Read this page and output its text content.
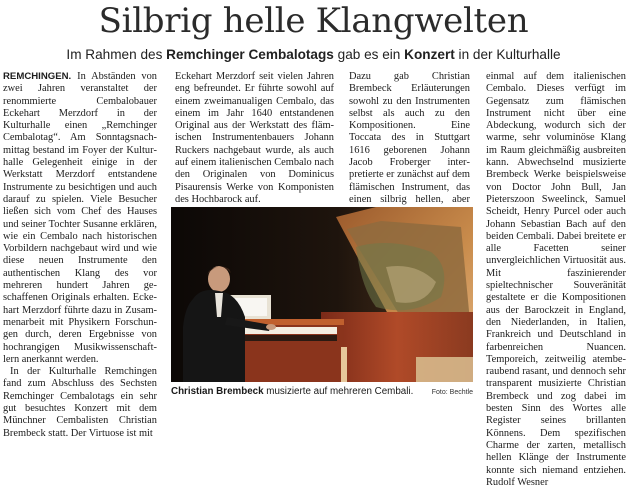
Silbrig helle Klangwelten
Im Rahmen des Remchinger Cembalotags gab es ein Konzert in der Kulturhalle

REMCHINGEN. In Abständen von zwei Jahren veranstaltet der renommierte Cembalobauer Eckehart Merzdorf in der Kulturhalle einen „Remchinger Cembalotag“. Am Sonntagsnachmittag bestand im Foyer der Kulturhalle Gelegenheit einige in der Werkstatt Merzdorf entstandene Instrumente zu besichtigen und auch darauf zu spielen. Viele Besucher ließen sich vom Chef des Hauses und seiner Tochter Susanne erklären, wie ein Cembalo nach historischen Vorbildern nachgebaut wird und wie diese neuen Instrumente den authentischen Klang des vor mehreren hundert Jahren geschaffenen Originals erhalten. Eckehart Merzdorf führte dazu in Zusammenarbeit mit Physikern Forschungen durch, deren Ergebnisse von hochrangigen Musikwissenschaftlern anerkannt werden.

In der Kulturhalle Remchingen fand zum Abschluss des Sechsten Remchinger Cembalotags ein sehr gut besuchtes Konzert mit dem Münchner Cembalisten Christian Brembeck statt. Der Virtuose ist mit

Eckehart Merzdorf seit vielen Jahren eng befreundet. Er führte sowohl auf einem zweimanualigen Cembalo, das einem im Jahr 1640 entstandenen Original aus der Werkstatt des flämischen Instrumentenbauers Johann Ruckers nachgebaut wurde, als auch auf einem italienischen Cembalo nach den Originalen von Dominicus Pisaurensis Werke von Komponisten des Hochbarock auf.

Dazu gab Christian Brembeck Erläuterungen sowohl zu den Instrumenten selbst als auch zu den Kompositionen. Eine Toccata des in Stuttgart 1616 geborenen Johann Jacob Froberger interpretierte er zunächst auf dem flämischen Instrument, das einen silbrig hellen, aber

einmal auf dem italienischen Cembalo. Dieses verfügt im Gegensatz zum flämischen Instrument nicht über eine Abdeckung, wodurch sich der warme, sehr voluminöse Klang im Raum gleichmäßig ausbreiten kann. Abwechselnd musizierte Brembeck Werke beispielsweise von Doctor John Bull, Jan Pieterszoon Sweelinck, Samuel Scheidt, Henry Purcel oder auch Johann Sebastian Bach auf den beiden Cembali. Dabei breitete er alle Facetten seiner unvergleichlichen Virtuosität aus. Mit faszinierender spieltechnischer Souveränität gestaltete er die Kompositionen aus der Barockzeit in England, den Niederlanden, in Italien, Frankreich und Deutschland in farbenreichen Nuancen. Temporeich, zeitweilig atemberaubend rasant, und dennoch sehr transparent musizierte Christian Brembeck und zog dabei im besten Sinn des Wortes alle Register seines brillanten Könnens. Dem spezifischen Charme der zarten, metallisch hellen Klänge der Instrumente konnte sich niemand entziehen. Rudolf Wesner

Christian Brembeck musizierte auf mehreren Cembali.	Foto: Bechtle
